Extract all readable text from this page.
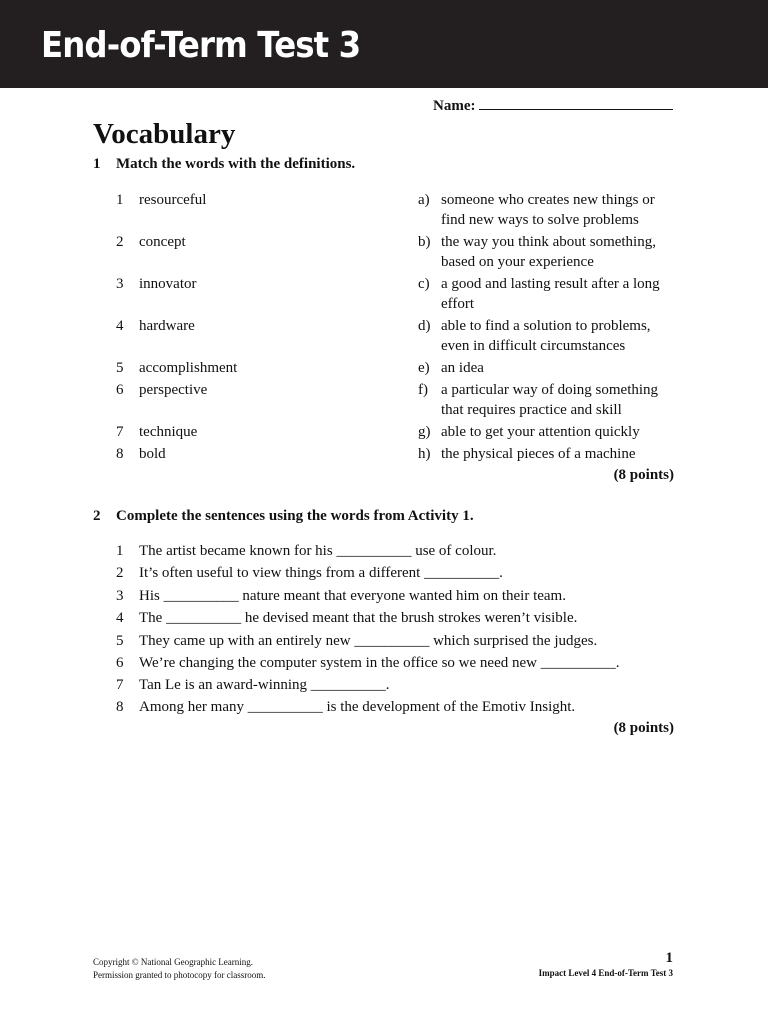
End-of-Term Test 3
Name:
Vocabulary
1 Match the words with the definitions.
1 resourceful
2 concept
3 innovator
4 hardware
5 accomplishment
6 perspective
7 technique
8 bold
a) someone who creates new things or find new ways to solve problems
b) the way you think about something, based on your experience
c) a good and lasting result after a long effort
d) able to find a solution to problems, even in difficult circumstances
e) an idea
f) a particular way of doing something that requires practice and skill
g) able to get your attention quickly
h) the physical pieces of a machine
(8 points)
2 Complete the sentences using the words from Activity 1.
1 The artist became known for his __________ use of colour.
2 It’s often useful to view things from a different __________.
3 His __________ nature meant that everyone wanted him on their team.
4 The __________ he devised meant that the brush strokes weren’t visible.
5 They came up with an entirely new __________ which surprised the judges.
6 We’re changing the computer system in the office so we need new __________.
7 Tan Le is an award-winning __________.
8 Among her many __________ is the development of the Emotiv Insight.
(8 points)
Copyright © National Geographic Learning.
Permission granted to photocopy for classroom.
1
Impact Level 4 End-of-Term Test 3
